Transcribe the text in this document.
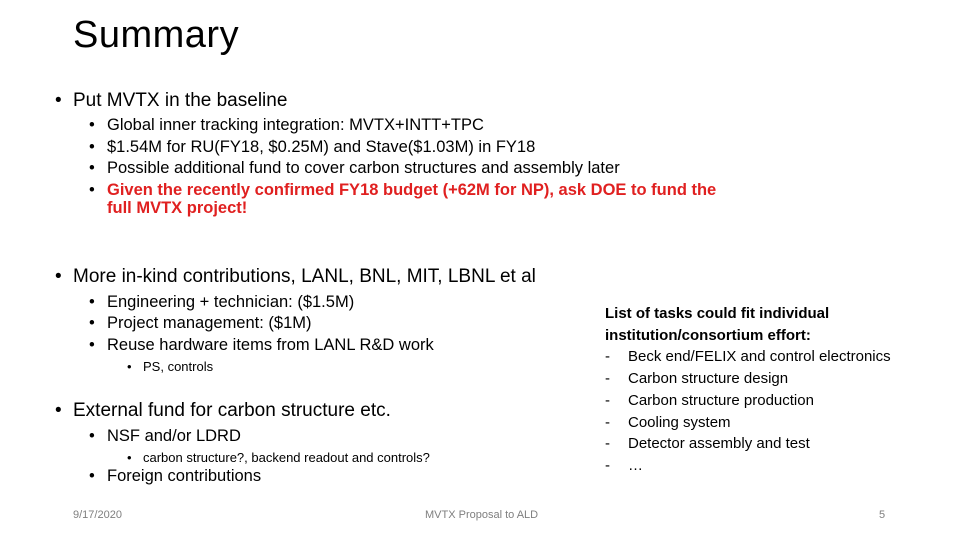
Summary
• Put MVTX in the baseline
• Global inner tracking integration: MVTX+INTT+TPC
• $1.54M for RU(FY18, $0.25M) and Stave($1.03M) in FY18
• Possible additional fund to cover carbon structures and assembly later
• Given the recently confirmed FY18 budget (+62M for NP), ask DOE to fund the
full MVTX project!
• More in-kind contributions, LANL, BNL, MIT, LBNL et al
• Engineering + technician: ($1.5M)
• Project management: ($1M)
• Reuse hardware items from LANL R&D work
• PS, controls
• External fund for carbon structure etc.
• NSF and/or LDRD
• carbon structure?, backend readout and controls?
• Foreign contributions
List of tasks could fit individual
institution/consortium effort:
- Beck end/FELIX and control electronics
- Carbon structure design
- Carbon structure production
- Cooling system
- Detector assembly and test
- …
9/17/2020	MVTX Proposal to ALD	5
